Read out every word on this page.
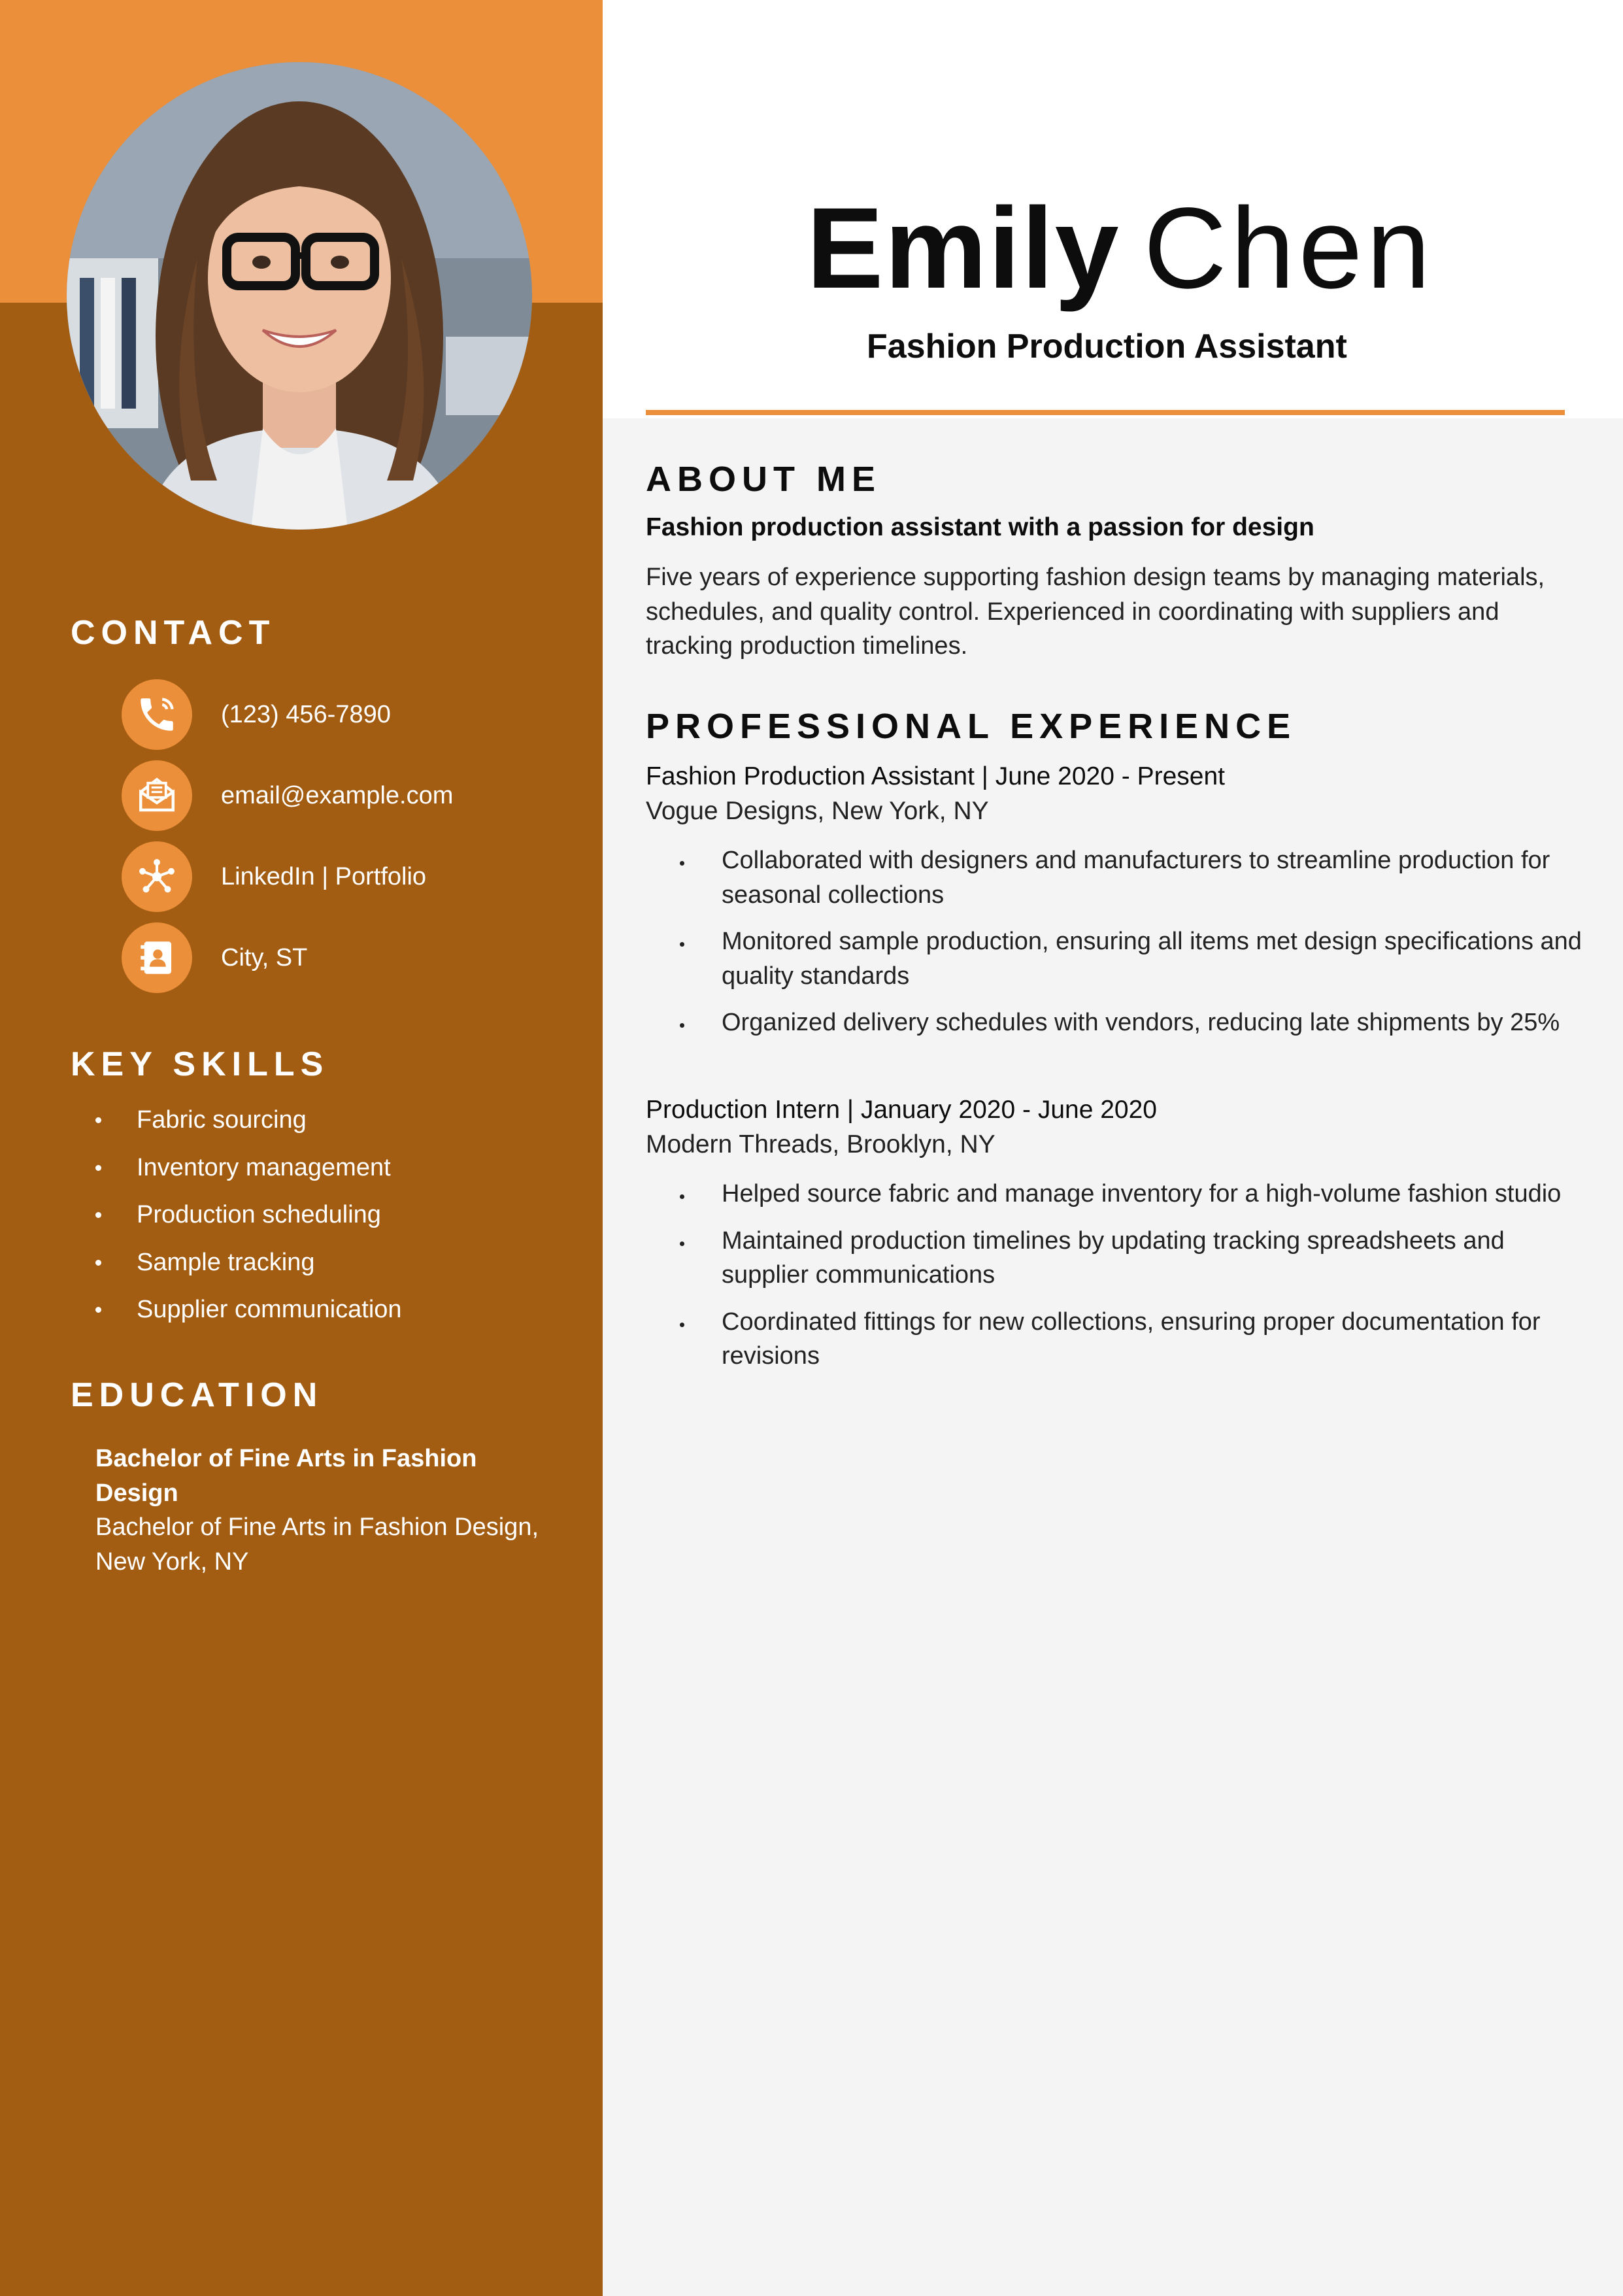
CONTACT
(123) 456-7890
email@example.com
LinkedIn | Portfolio
City, ST
KEY SKILLS
Fabric sourcing
Inventory management
Production scheduling
Sample tracking
Supplier communication
EDUCATION
Bachelor of Fine Arts in Fashion Design
Bachelor of Fine Arts in Fashion Design, New York, NY
Emily Chen
Fashion Production Assistant
ABOUT ME
Fashion production assistant with a passion for design
Five years of experience supporting fashion design teams by managing materials, schedules, and quality control. Experienced in coordinating with suppliers and tracking production timelines.
PROFESSIONAL EXPERIENCE
Fashion Production Assistant | June 2020 - Present
Vogue Designs, New York, NY
Collaborated with designers and manufacturers to streamline production for seasonal collections
Monitored sample production, ensuring all items met design specifications and quality standards
Organized delivery schedules with vendors, reducing late shipments by 25%
Production Intern | January 2020 - June 2020
Modern Threads, Brooklyn, NY
Helped source fabric and manage inventory for a high-volume fashion studio
Maintained production timelines by updating tracking spreadsheets and supplier communications
Coordinated fittings for new collections, ensuring proper documentation for revisions
